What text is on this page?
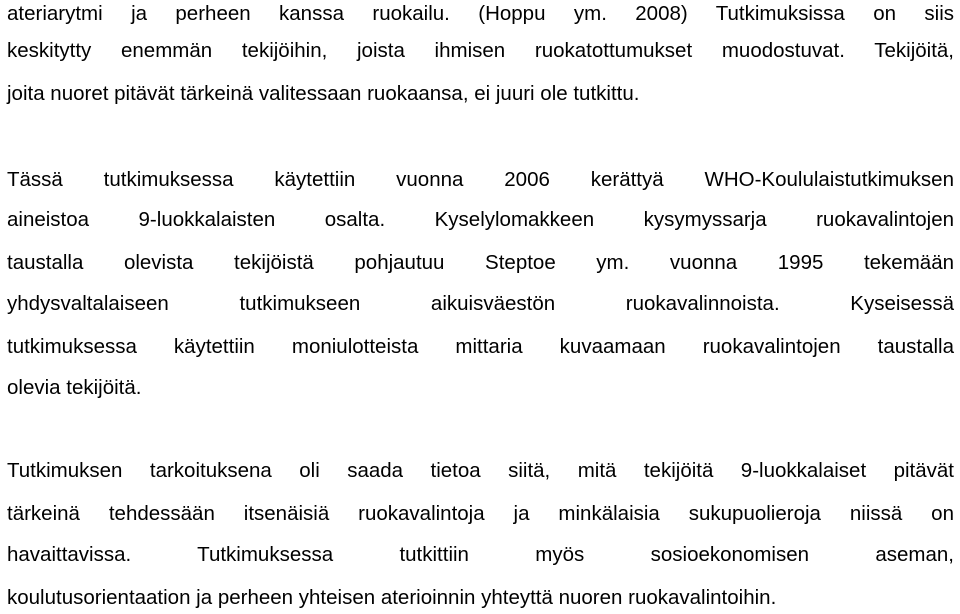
ateriarytmi ja perheen kanssa ruokailu. (Hoppu ym. 2008) Tutkimuksissa on siis
keskitytty enemmän tekijöihin, joista ihmisen ruokatottumukset muodostuvat. Tekijöitä,
joita nuoret pitävät tärkeinä valitessaan ruokaansa, ei juuri ole tutkittu.
Tässä tutkimuksessa käytettiin vuonna 2006 kerättyä WHO-Koululaistutkimuksen
aineistoa 9-luokkalaisten osalta. Kyselylomakkeen kysymyssarja ruokavalintojen
taustalla olevista tekijöistä pohjautuu Steptoe ym. vuonna 1995 tekemään
yhdysvaltalaiseen tutkimukseen aikuisväestön ruokavalinnoista. Kyseisessä
tutkimuksessa käytettiin moniulotteista mittaria kuvaamaan ruokavalintojen taustalla
olevia tekijöitä.
Tutkimuksen tarkoituksena oli saada tietoa siitä, mitä tekijöitä 9-luokkalaiset pitävät
tärkeinä tehdessään itsenäisiä ruokavalintoja ja minkälaisia sukupuolieroja niissä on
havaittavissa. Tutkimuksessa tutkittiin myös sosioekonomisen aseman,
koulutusorientaation ja perheen yhteisen aterioinnin yhteyttä nuoren ruokavalintoihin.
